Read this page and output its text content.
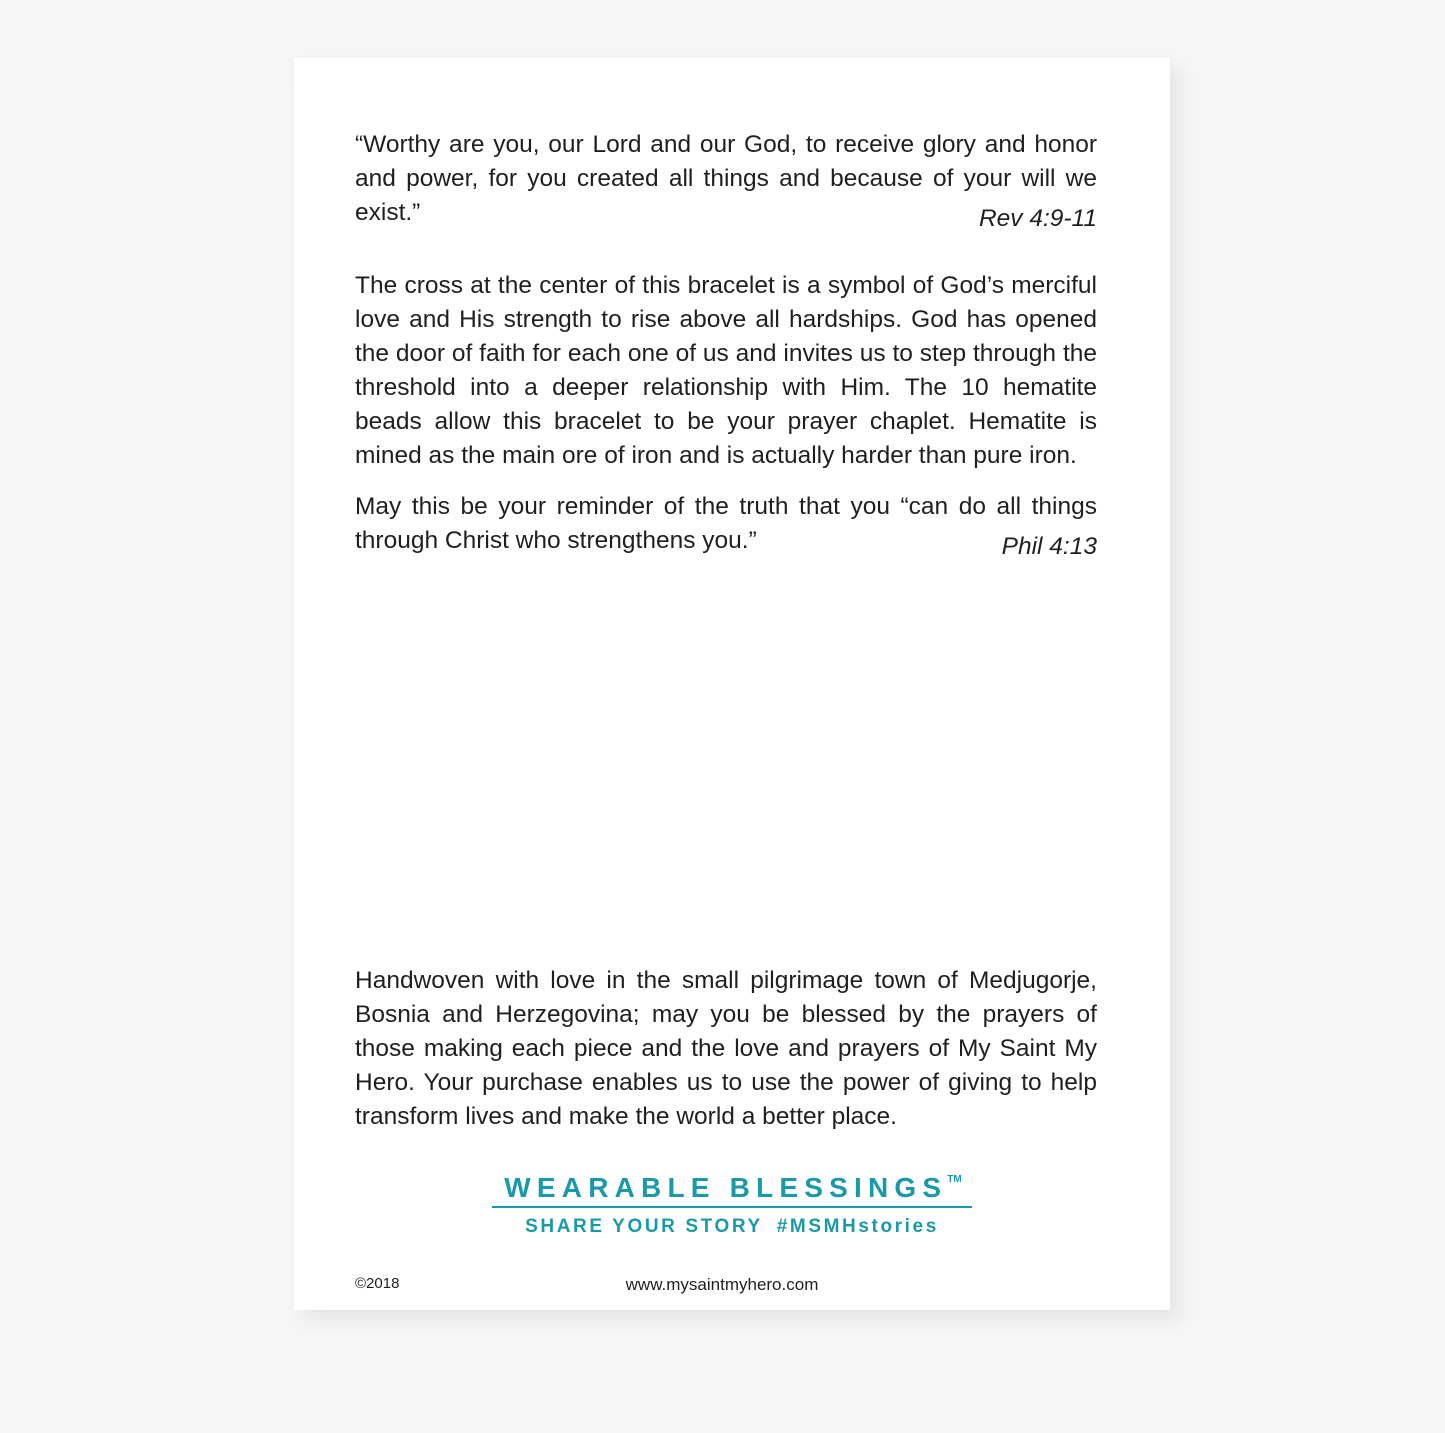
“Worthy are you, our Lord and our God, to receive glory and honor and power, for you created all things and because of your will we exist.”	Rev 4:9-11
The cross at the center of this bracelet is a symbol of God’s merciful love and His strength to rise above all hardships. God has opened the door of faith for each one of us and invites us to step through the threshold into a deeper relationship with Him. The 10 hematite beads allow this bracelet to be your prayer chaplet. Hematite is mined as the main ore of iron and is actually harder than pure iron.
May this be your reminder of the truth that you “can do all things through Christ who strengthens you.”	Phil 4:13
Handwoven with love in the small pilgrimage town of Medjugorje, Bosnia and Herzegovina; may you be blessed by the prayers of those making each piece and the love and prayers of My Saint My Hero. Your purchase enables us to use the power of giving to help transform lives and make the world a better place.
WEARABLE BLESSINGS™
SHARE YOUR STORY #MSMHstories
©2018	www.mysaintmyhero.com
